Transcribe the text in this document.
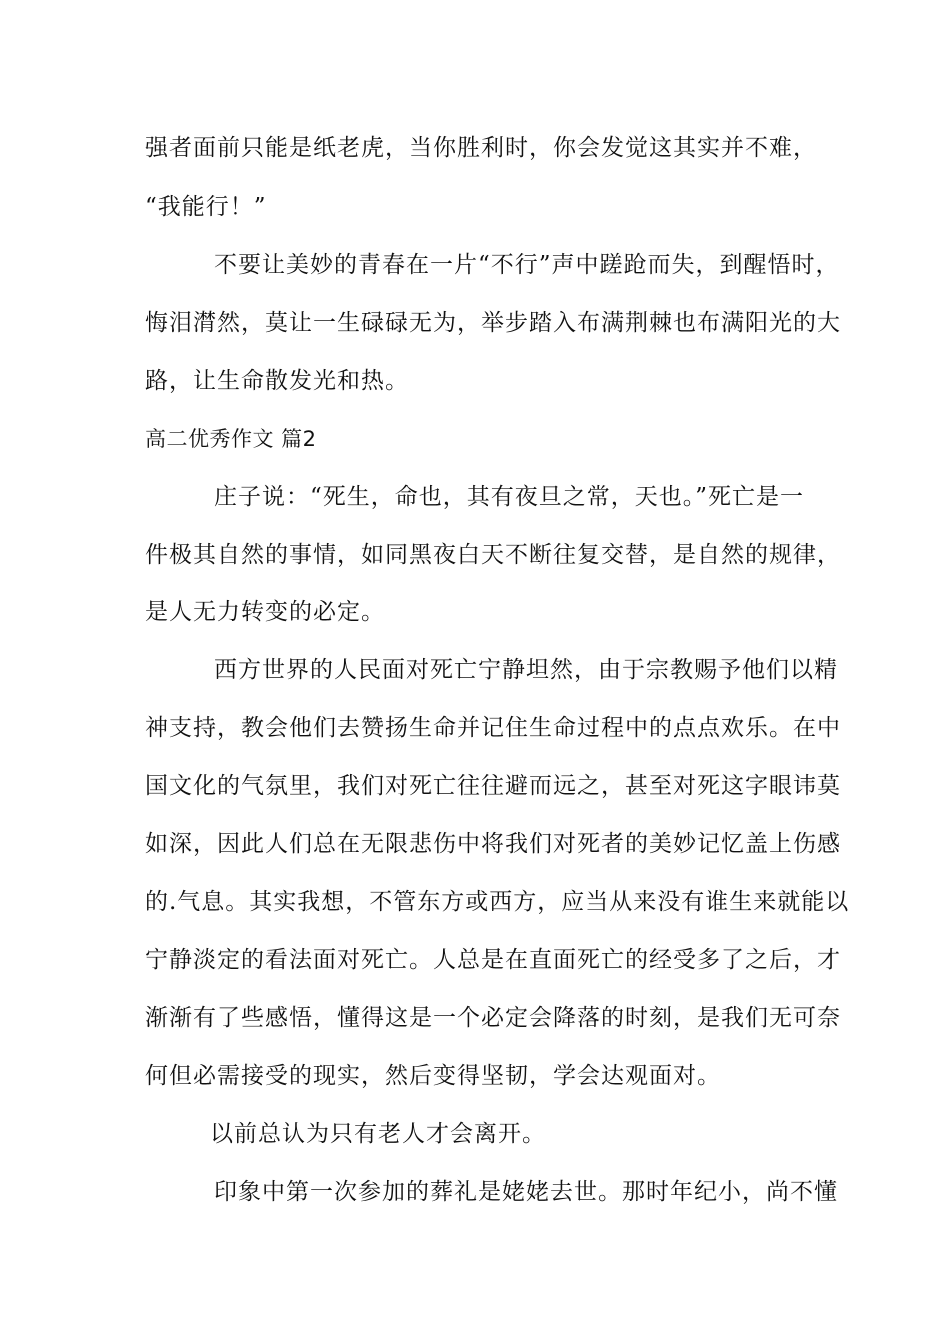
强者面前只能是纸老虎，当你胜利时，你会发觉这其实并不难，
“我能行！”
不要让美妙的青春在一片“不行”声中蹉跄而失，到醒悟时，
悔泪潸然，莫让一生碌碌无为，举步踏入布满荆棘也布满阳光的大
路，让生命散发光和热。
高二优秀作文 篇2
庄子说：“死生，命也，其有夜旦之常，天也。”死亡是一
件极其自然的事情，如同黑夜白天不断往复交替，是自然的规律，
是人无力转变的必定。
西方世界的人民面对死亡宁静坦然，由于宗教赐予他们以精
神支持，教会他们去赞扬生命并记住生命过程中的点点欢乐。在中
国文化的气氛里，我们对死亡往往避而远之，甚至对死这字眼讳莫
如深，因此人们总在无限悲伤中将我们对死者的美妙记忆盖上伤感
的.气息。其实我想，不管东方或西方，应当从来没有谁生来就能以
宁静淡定的看法面对死亡。人总是在直面死亡的经受多了之后，才
渐渐有了些感悟，懂得这是一个必定会降落的时刻，是我们无可奈
何但必需接受的现实，然后变得坚韧，学会达观面对。
以前总认为只有老人才会离开。
印象中第一次参加的葬礼是姥姥去世。那时年纪小，尚不懂
